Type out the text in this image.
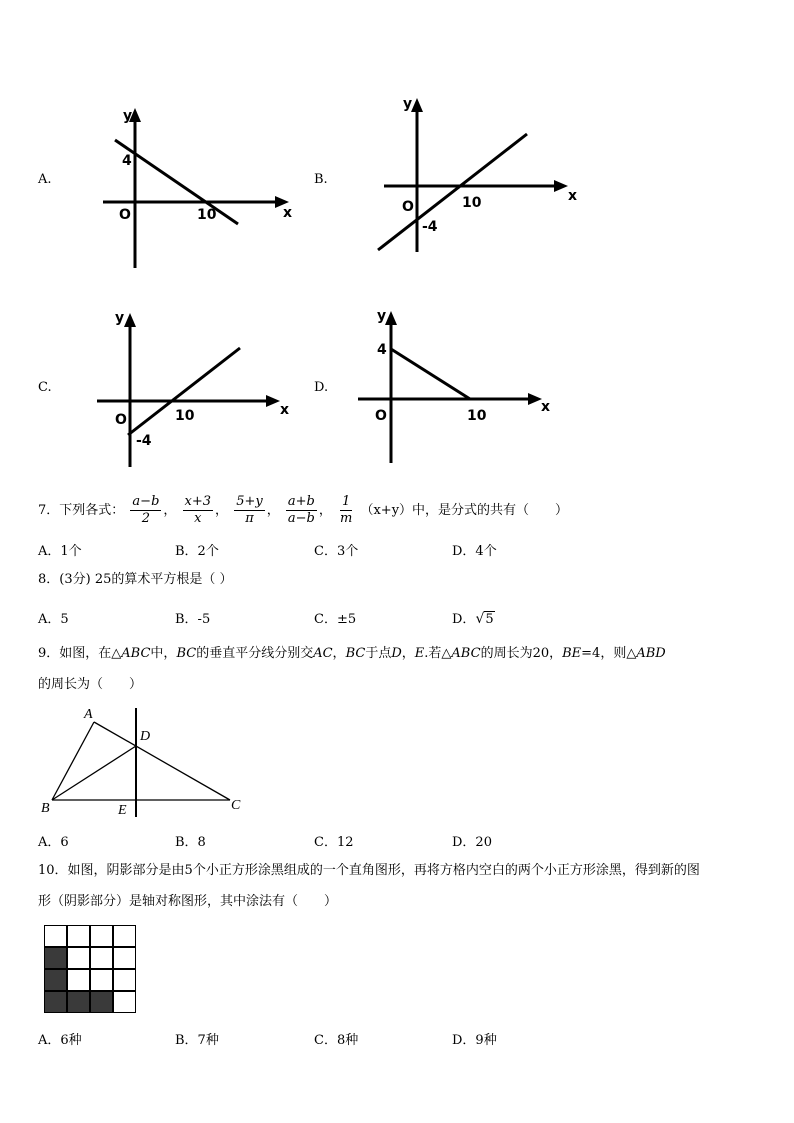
A.
y
x
O
4
10
B.
y
x
O	10
-4
C.
y
x
O	10
-4
D.
y
x
O
4
10
7．下列各式： $\frac{a-b}{2}$ ， $\frac{x+3}{x}$ ， $\frac{5+y}{\pi}$ ， $\frac{a+b}{a-b}$ ， $\frac{1}{m} (x+y)$中，是分式的共有（　　）
A．1个	B．2个	C．3个	D．4个
8．(3分) 25的算术平方根是（ ）
A．5	B．-5	C．±5	D．√5
9．如图，在△ABC中，BC的垂直平分线分别交AC，BC于点D，E.若△ABC的周长为20，BE=4，则△ABD
的周长为（　　）
A
D
B	E	C
A．6	B．8	C．12	D．20
10．如图，阴影部分是由5个小正方形涂黑组成的一个直角图形，再将方格内空白的两个小正方形涂黑，得到新的图
形（阴影部分）是轴对称图形，其中涂法有（　　）
A．6种	B．7种	C．8种	D．9种
